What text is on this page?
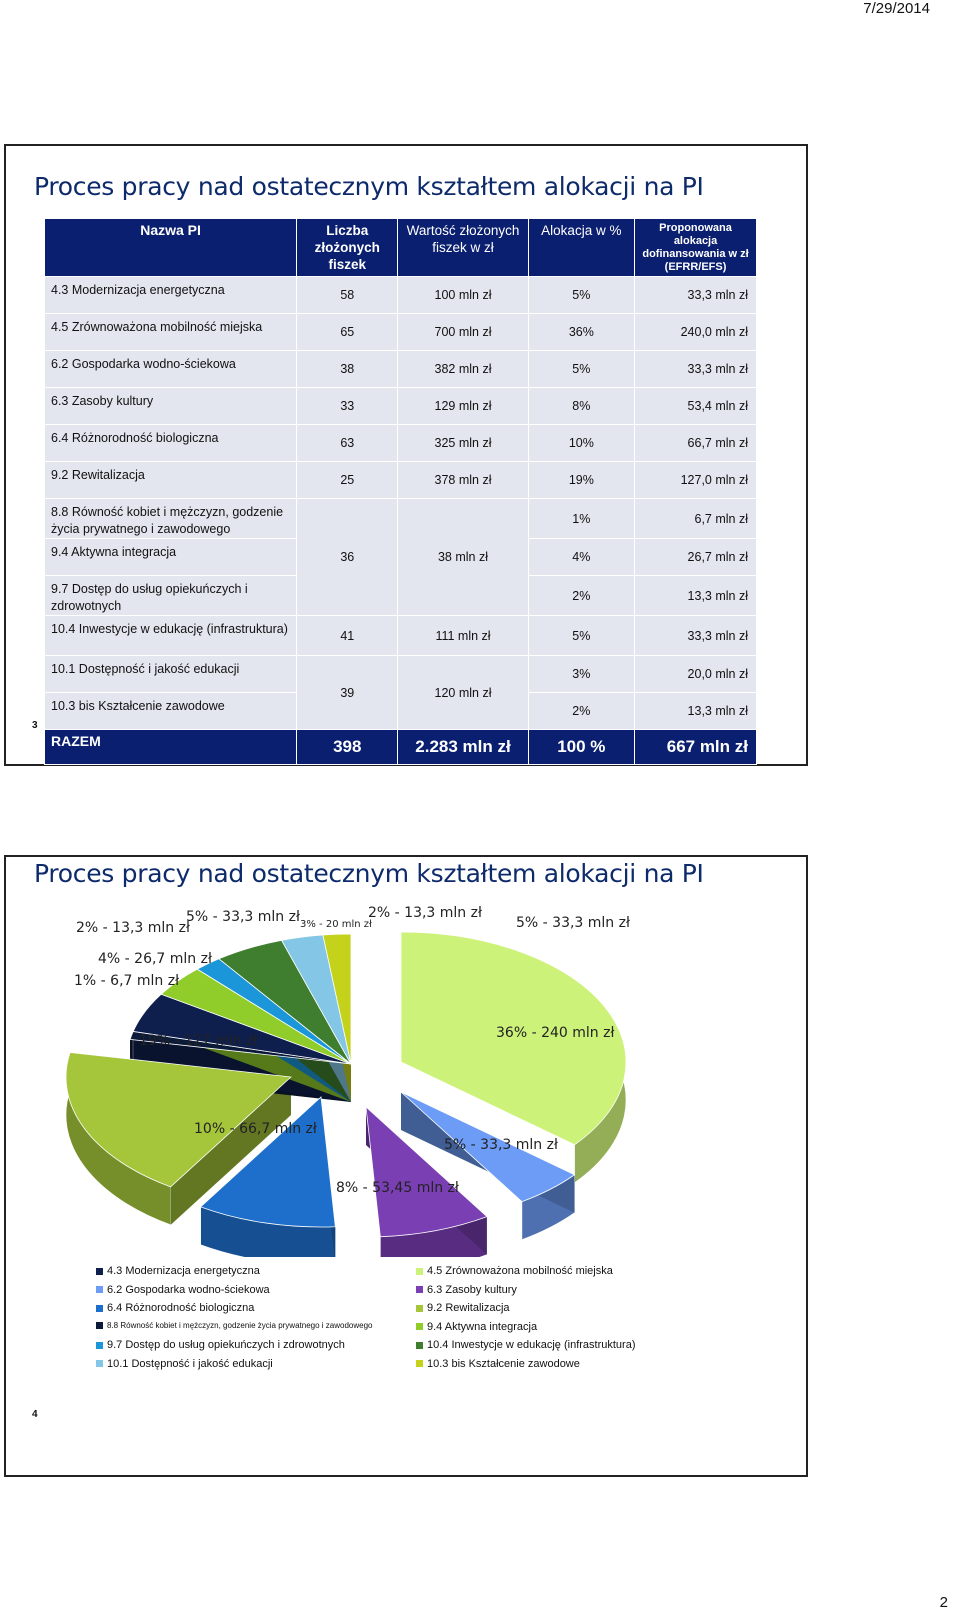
7/29/2014
Proces pracy nad ostatecznym kształtem alokacji na PI
Nazwa PI	Liczba złożonych fiszek	Wartość złożonych fiszek w zł	Alokacja w %	Proponowana alokacja dofinansowania w zł (EFRR/EFS)
4.3 Modernizacja energetyczna	58	100 mln zł	5%	33,3 mln zł
4.5 Zrównoważona mobilność miejska	65	700 mln zł	36%	240,0 mln zł
6.2 Gospodarka wodno-ściekowa	38	382 mln zł	5%	33,3 mln zł
6.3 Zasoby kultury	33	129 mln zł	8%	53,4 mln zł
6.4 Różnorodność biologiczna	63	325 mln zł	10%	66,7 mln zł
9.2 Rewitalizacja	25	378 mln zł	19%	127,0 mln zł
8.8 Równość kobiet i mężczyzn, godzenie życia prywatnego i zawodowego	36	38 mln zł	1%	6,7 mln zł
9.4 Aktywna integracja			4%	26,7 mln zł
9.7 Dostęp do usług opiekuńczych i zdrowotnych			2%	13,3 mln zł
10.4 Inwestycje w edukację (infrastruktura)	41	111 mln zł	5%	33,3 mln zł
10.1 Dostępność i jakość edukacji	39	120 mln zł	3%	20,0 mln zł
10.3 bis Kształcenie zawodowe			2%	13,3 mln zł
RAZEM	398	2.283 mln zł	100 %	667 mln zł
3
Proces pracy nad ostatecznym kształtem alokacji na PI
5% - 33,3 mln zł
36% - 240 mln zł
5% - 33,3 mln zł
8% - 53,45 mln zł
10% - 66,7 mln zł
19% - 127 mln zł
1% - 6,7 mln zł
4% - 26,7 mln zł
2% - 13,3 mln zł	5% - 33,3 mln zł
3% - 20 mln zł
2% - 13,3 mln zł
4.3 Modernizacja energetyczna	4.5 Zrównoważona mobilność miejska
6.2 Gospodarka wodno-ściekowa	6.3 Zasoby kultury
6.4 Różnorodność biologiczna	9.2 Rewitalizacja
8.8 Równość kobiet i mężczyzn, godzenie życia prywatnego i zawodowego	9.4 Aktywna integracja
9.7 Dostęp do usług opiekuńczych i zdrowotnych	10.4 Inwestycje w edukację (infrastruktura)
10.1 Dostępność i jakość edukacji	10.3 bis Kształcenie zawodowe
4
2
